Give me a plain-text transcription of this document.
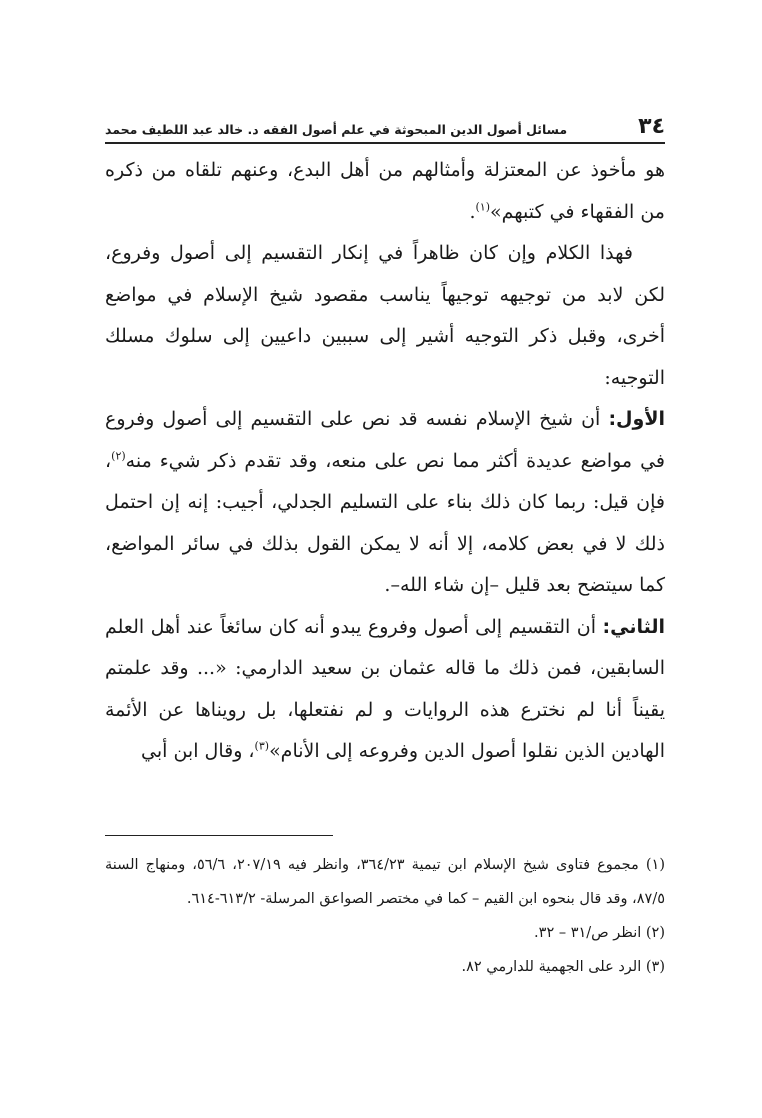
٣٤
مسائل أصول الدين المبحوثة في علم أصول الفقه د. خالد عبد اللطيف محمد

هو مأخوذ عن المعتزلة وأمثالهم من أهل البدع، وعنهم تلقاه من ذكره من الفقهاء في كتبهم»$^{(١)}$.

فهذا الكلام وإن كان ظاهراً في إنكار التقسيم إلى أصول وفروع، لكن لابد من توجيهه توجيهاً يناسب مقصود شيخ الإسلام في مواضع أخرى، وقبل ذكر التوجيه أشير إلى سببين داعيين إلى سلوك مسلك التوجيه:

الأول: أن شيخ الإسلام نفسه قد نص على التقسيم إلى أصول وفروع في مواضع عديدة أكثر مما نص على منعه، وقد تقدم ذكر شيء منه$^{(٢)}$، فإن قيل: ربما كان ذلك بناء على التسليم الجدلي، أجيب: إنه إن احتمل ذلك لا في بعض كلامه، إلا أنه لا يمكن القول بذلك في سائر المواضع، كما سيتضح بعد قليل –إن شاء الله–.

الثاني: أن التقسيم إلى أصول وفروع يبدو أنه كان سائغاً عند أهل العلم السابقين، فمن ذلك ما قاله عثمان بن سعيد الدارمي: «... وقد علمتم يقيناً أنا لم نخترع هذه الروايات و لم نفتعلها، بل رويناها عن الأئمة الهادين الذين نقلوا أصول الدين وفروعه إلى الأنام»$^{(٣)}$، وقال ابن أبي

(١) مجموع فتاوى شيخ الإسلام ابن تيمية ٣٦٤/٢٣، وانظر فيه ٢٠٧/١٩، ٥٦/٦، ومنهاج السنة ٨٧/٥، وقد قال بنحوه ابن القيم – كما في مختصر الصواعق المرسلة- ٦١٣/٢-٦١٤.

(٢) انظر ص/٣١ – ٣٢.

(٣) الرد على الجهمية للدارمي ٨٢.
